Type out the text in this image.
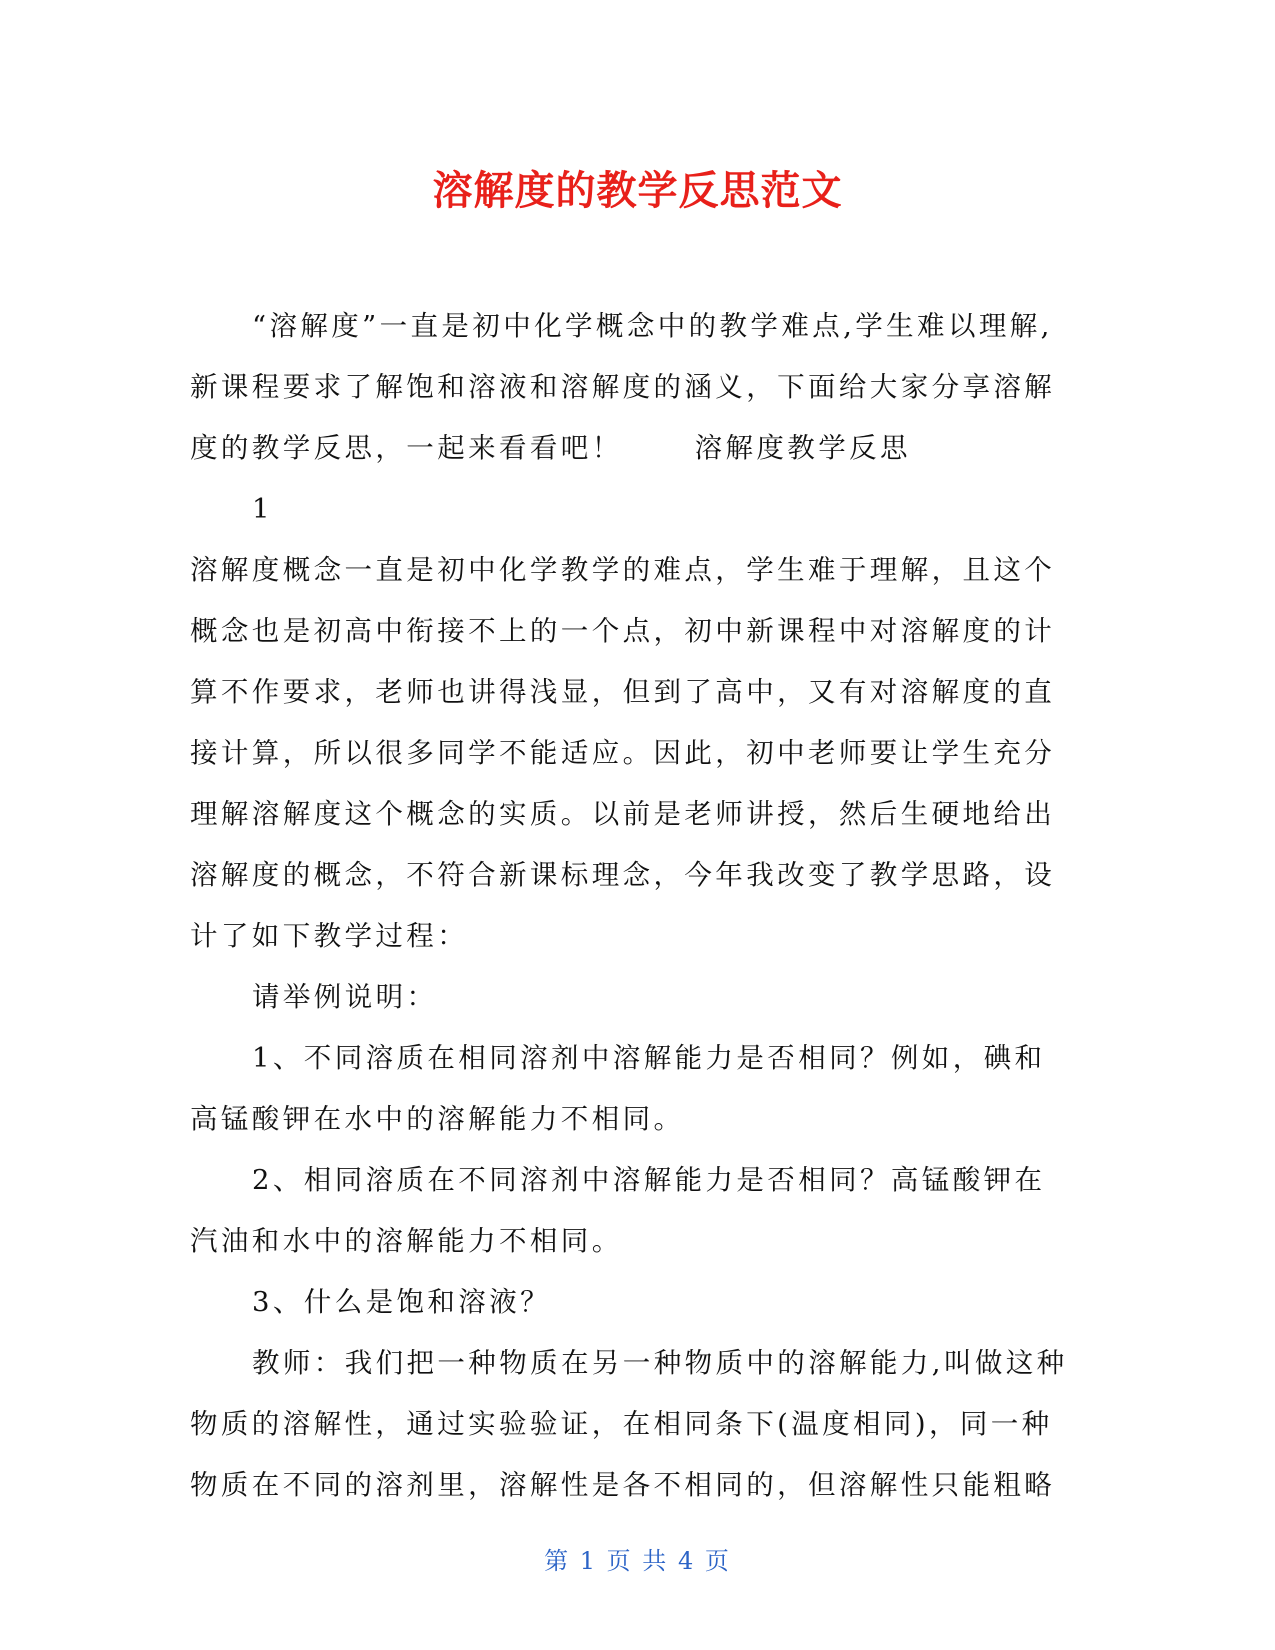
溶解度的教学反思范文

“溶解度”一直是初中化学概念中的教学难点,学生难以理解,新课程要求了解饱和溶液和溶解度的涵义，下面给大家分享溶解度的教学反思，一起来看看吧！	溶解度教学反思

1

溶解度概念一直是初中化学教学的难点，学生难于理解，且这个概念也是初高中衔接不上的一个点，初中新课程中对溶解度的计算不作要求，老师也讲得浅显，但到了高中，又有对溶解度的直接计算，所以很多同学不能适应。因此，初中老师要让学生充分理解溶解度这个概念的实质。以前是老师讲授，然后生硬地给出溶解度的概念，不符合新课标理念，今年我改变了教学思路，设计了如下教学过程：

请举例说明：

1、不同溶质在相同溶剂中溶解能力是否相同？例如，碘和高锰酸钾在水中的溶解能力不相同。

2、相同溶质在不同溶剂中溶解能力是否相同？高锰酸钾在汽油和水中的溶解能力不相同。

3、什么是饱和溶液？

教师：我们把一种物质在另一种物质中的溶解能力,叫做这种物质的溶解性，通过实验验证，在相同条下(温度相同)，同一种物质在不同的溶剂里，溶解性是各不相同的，但溶解性只能粗略

第 1 页 共 4 页
